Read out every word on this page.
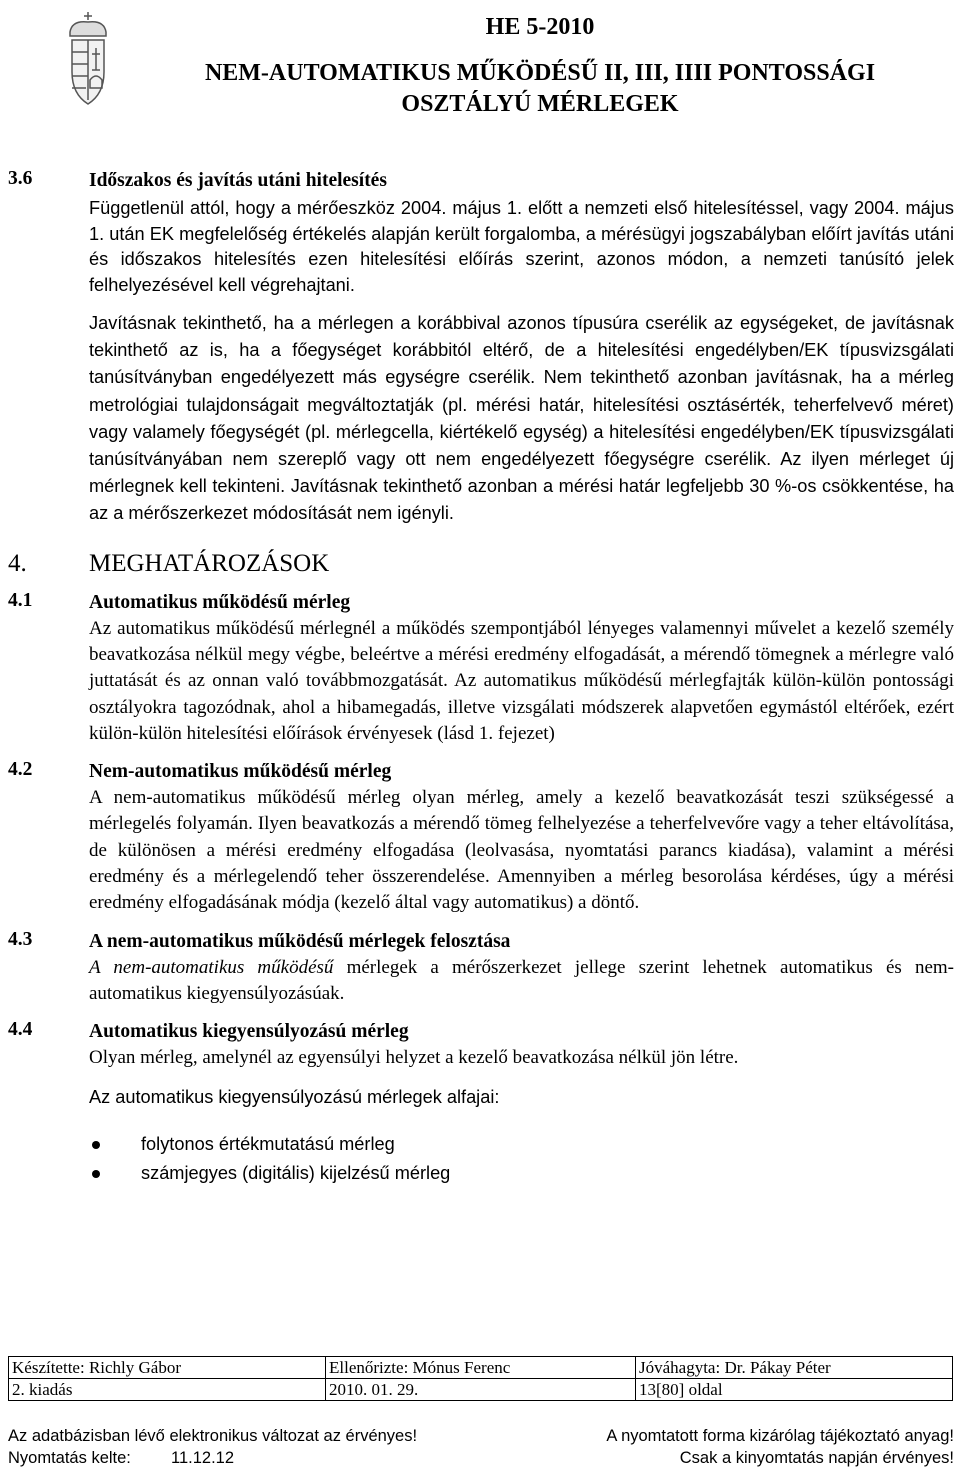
HE 5-2010
NEM-AUTOMATIKUS MŰKÖDÉSŰ II, III, IIII PONTOSSÁGI
OSZTÁLYÚ MÉRLEGEK
3.6	Időszakos és javítás utáni hitelesítés
Függetlenül attól, hogy a mérőeszköz 2004. május 1. előtt a nemzeti első hitelesítéssel, vagy 2004. május 1. után EK megfelelőség értékelés alapján került forgalomba, a mérésügyi jogszabályban előírt javítás utáni és időszakos hitelesítés ezen hitelesítési előírás szerint, azonos módon, a nemzeti tanúsító jelek felhelyezésével kell végrehajtani.
Javításnak tekinthető, ha a mérlegen a korábbival azonos típusúra cserélik az egységeket, de javításnak tekinthető az is, ha a főegységet korábbitól eltérő, de a hitelesítési engedélyben/EK típusvizsgálati tanúsítványban engedélyezett más egységre cserélik. Nem tekinthető azonban javításnak, ha a mérleg metrológiai tulajdonságait megváltoztatják (pl. mérési határ, hitelesítési osztásérték, teherfelvevő méret) vagy valamely főegységét (pl. mérlegcella, kiértékelő egység) a hitelesítési engedélyben/EK típusvizsgálati tanúsítványában nem szereplő vagy ott nem engedélyezett főegységre cserélik. Az ilyen mérleget új mérlegnek kell tekinteni. Javításnak tekinthető azonban a mérési határ legfeljebb 30 %-os csökkentése, ha az a mérőszerkezet módosítását nem igényli.
4. MEGHATÁROZÁSOK
4.1	Automatikus működésű mérleg
Az automatikus működésű mérlegnél a működés szempontjából lényeges valamennyi művelet a kezelő személy beavatkozása nélkül megy végbe, beleértve a mérési eredmény elfogadását, a mérendő tömegnek a mérlegre való juttatását és az onnan való továbbmozgatását. Az automatikus működésű mérlegfajták külön-külön pontossági osztályokra tagozódnak, ahol a hibamegadás, illetve vizsgálati módszerek alapvetően egymástól eltérőek, ezért külön-külön hitelesítési előírások érvényesek (lásd 1. fejezet)
4.2	Nem-automatikus működésű mérleg
A nem-automatikus működésű mérleg olyan mérleg, amely a kezelő beavatkozását teszi szükségessé a mérlegelés folyamán. Ilyen beavatkozás a mérendő tömeg felhelyezése a teherfelvevőre vagy a teher eltávolítása, de különösen a mérési eredmény elfogadása (leolvasása, nyomtatási parancs kiadása), valamint a mérési eredmény és a mérlegelendő teher összerendelése. Amennyiben a mérleg besorolása kérdéses, úgy a mérési eredmény elfogadásának módja (kezelő által vagy automatikus) a döntő.
4.3	A nem-automatikus működésű mérlegek felosztása
A nem-automatikus működésű mérlegek a mérőszerkezet jellege szerint lehetnek automatikus és nem-automatikus kiegyensúlyozásúak.
4.4	Automatikus kiegyensúlyozású mérleg
Olyan mérleg, amelynél az egyensúlyi helyzet a kezelő beavatkozása nélkül jön létre.
Az automatikus kiegyensúlyozású mérlegek alfajai:
folytonos értékmutatású mérleg
számjegyes (digitális) kijelzésű mérleg
Készítette: Richly Gábor	Ellenőrizte: Mónus Ferenc	Jóváhagyta: Dr. Pákay Péter
2. kiadás	2010. 01. 29.	13[80] oldal
Az adatbázisban lévő elektronikus változat az érvényes!	A nyomtatott forma kizárólag tájékoztató anyag!
Nyomtatás kelte: 11.12.12	Csak a kinyomtatás napján érvényes!
